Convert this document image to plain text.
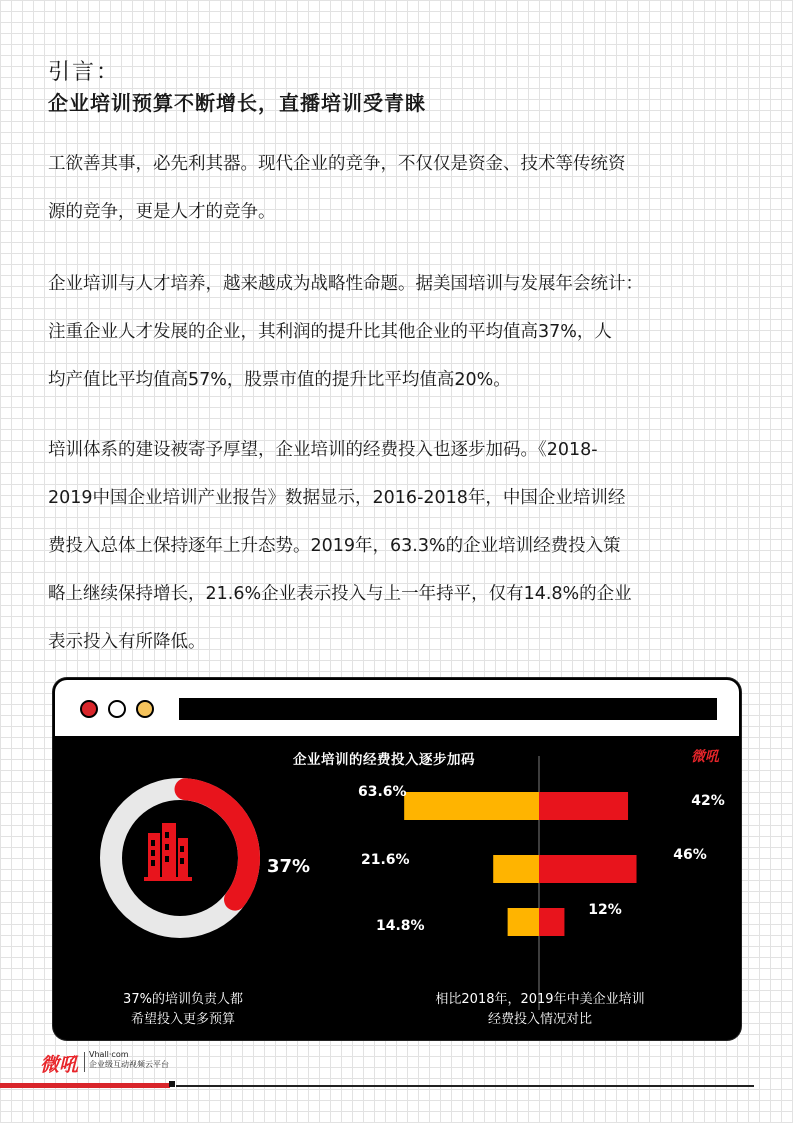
引言：
企业培训预算不断增长，直播培训受青睐

工欲善其事，必先利其器。现代企业的竞争，不仅仅是资金、技术等传统资
源的竞争，更是人才的竞争。

企业培训与人才培养，越来越成为战略性命题。据美国培训与发展年会统计：
注重企业人才发展的企业，其利润的提升比其他企业的平均值高37%，人
均产值比平均值高57%，股票市值的提升比平均值高20%。

培训体系的建设被寄予厚望，企业培训的经费投入也逐步加码。《2018-
2019中国企业培训产业报告》数据显示，2016-2018年，中国企业培训经
费投入总体上保持逐年上升态势。2019年，63.3%的企业培训经费投入策
略上继续保持增长，21.6%企业表示投入与上一年持平，仅有14.8%的企业
表示投入有所降低。

企业培训的经费投入逐步加码	微吼
63.6%
42%
21.6%	46%
14.8%
12%
37%
37%的培训负责人都
希望投入更多预算
相比2018年，2019年中美企业培训
经费投入情况对比
微吼 Vhall·com
企业级互动视频云平台
